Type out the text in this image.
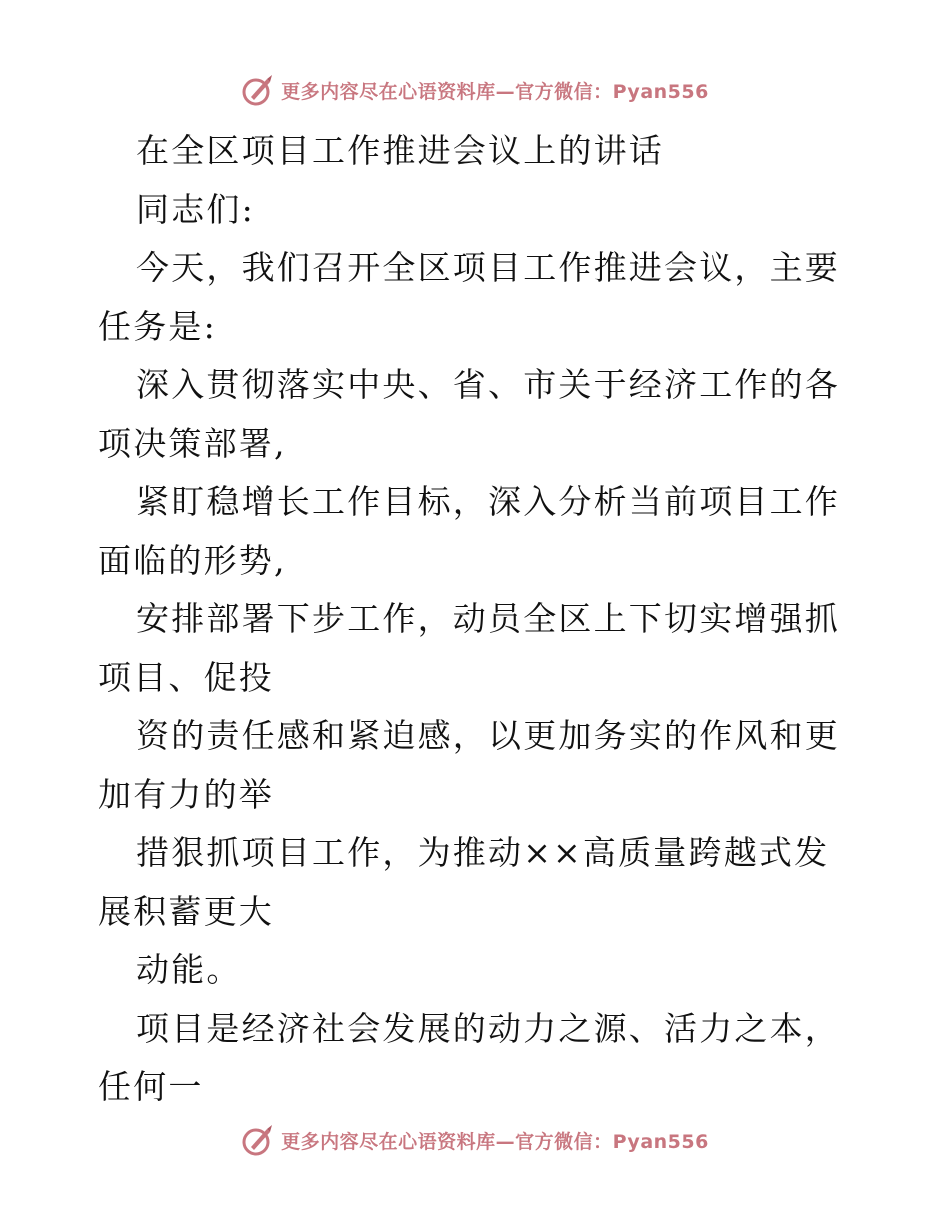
更多内容尽在心语资料库—官方微信：Pyan556

在全区项目工作推进会议上的讲话

同志们:

今天，我们召开全区项目工作推进会议，主要任务是:

深入贯彻落实中央、省、市关于经济工作的各项决策部署,

紧盯稳增长工作目标，深入分析当前项目工作面临的形势,

安排部署下步工作，动员全区上下切实增强抓项目、促投

资的责任感和紧迫感，以更加务实的作风和更加有力的举

措狠抓项目工作，为推动××高质量跨越式发展积蓄更大

动能。

项目是经济社会发展的动力之源、活力之本，任何一

更多内容尽在心语资料库—官方微信：Pyan556
